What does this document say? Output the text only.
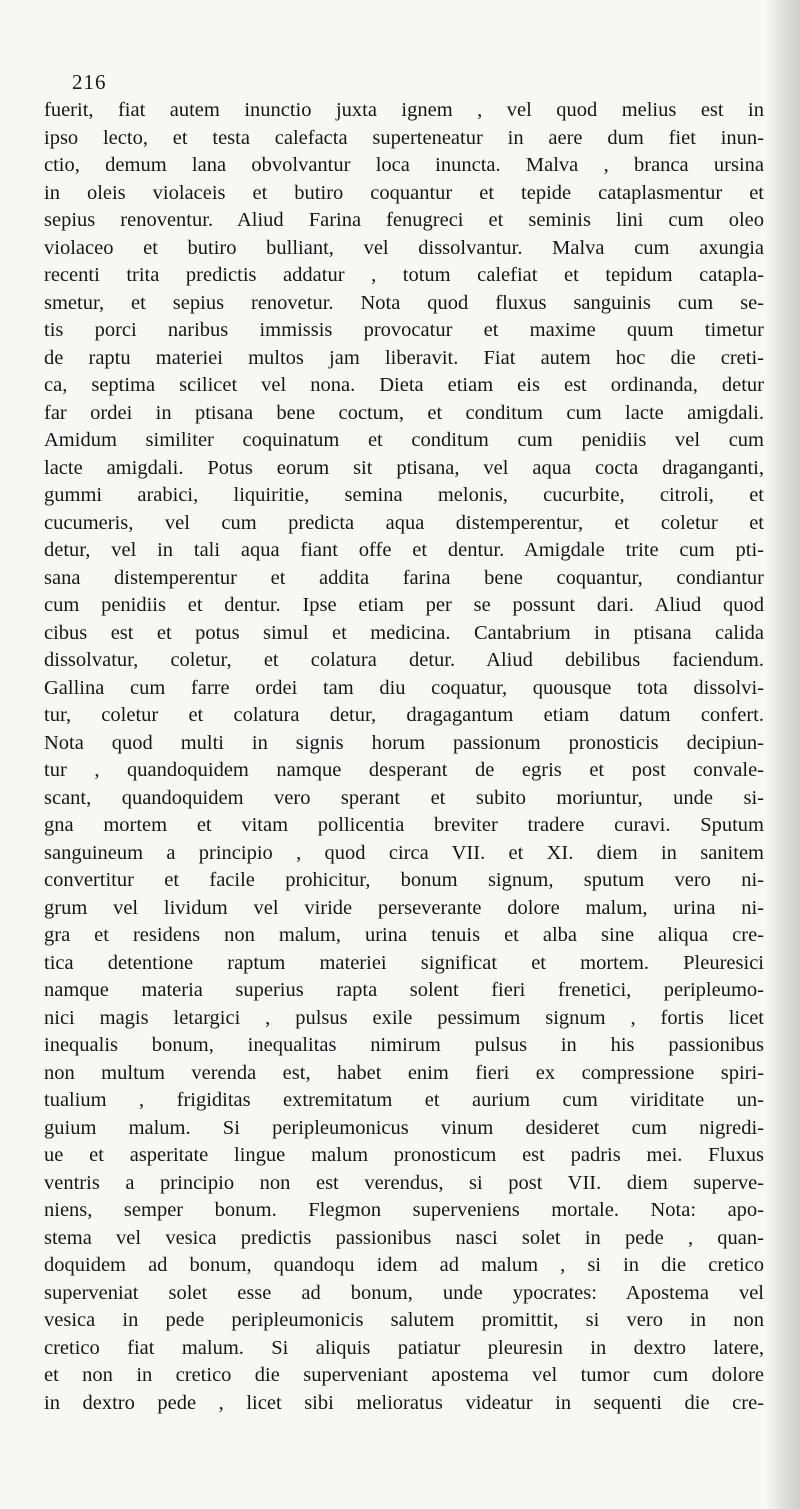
216
fuerit, fiat autem inunctio juxta ignem , vel quod melius est in
ipso lecto, et testa calefacta superteneatur in aere dum fiet inun-
ctio, demum lana obvolvantur loca inuncta. Malva , branca ursina
in oleis violaceis et butiro coquantur et tepide cataplasmentur et
sepius renoventur. Aliud Farina fenugreci et seminis lini cum oleo
violaceo et butiro bulliant, vel dissolvantur. Malva cum axungia
recenti trita predictis addatur , totum calefiat et tepidum catapla-
smetur, et sepius renovetur. Nota quod fluxus sanguinis cum se-
tis porci naribus immissis provocatur et maxime quum timetur
de raptu materiei multos jam liberavit. Fiat autem hoc die creti-
ca, septima scilicet vel nona. Dieta etiam eis est ordinanda, detur
far ordei in ptisana bene coctum, et conditum cum lacte amigdali.
Amidum similiter coquinatum et conditum cum penidiis vel cum
lacte amigdali. Potus eorum sit ptisana, vel aqua cocta draganganti,
gummi arabici, liquiritie, semina melonis, cucurbite, citroli, et
cucumeris, vel cum predicta aqua distemperentur, et coletur et
detur, vel in tali aqua fiant offe et dentur. Amigdale trite cum pti-
sana distemperentur et addita farina bene coquantur, condiantur
cum penidiis et dentur. Ipse etiam per se possunt dari. Aliud quod
cibus est et potus simul et medicina. Cantabrium in ptisana calida
dissolvatur, coletur, et colatura detur. Aliud debilibus faciendum.
Gallina cum farre ordei tam diu coquatur, quousque tota dissolvi-
tur, coletur et colatura detur, dragagantum etiam datum confert.
Nota quod multi in signis horum passionum pronosticis decipiun-
tur , quandoquidem namque desperant de egris et post convale-
scant, quandoquidem vero sperant et subito moriuntur, unde si-
gna mortem et vitam pollicentia breviter tradere curavi. Sputum
sanguineum a principio , quod circa VII. et XI. diem in sanitem
convertitur et facile prohicitur, bonum signum, sputum vero ni-
grum vel lividum vel viride perseverante dolore malum, urina ni-
gra et residens non malum, urina tenuis et alba sine aliqua cre-
tica detentione raptum materiei significat et mortem. Pleuresici
namque materia superius rapta solent fieri frenetici, peripleumo-
nici magis letargici , pulsus exile pessimum signum , fortis licet
inequalis bonum, inequalitas nimirum pulsus in his passionibus
non multum verenda est, habet enim fieri ex compressione spiri-
tualium , frigiditas extremitatum et aurium cum viriditate un-
guium malum. Si peripleumonicus vinum desideret cum nigredi-
ue et asperitate lingue malum pronosticum est padris mei. Fluxus
ventris a principio non est verendus, si post VII. diem superve-
niens, semper bonum. Flegmon superveniens mortale. Nota: apo-
stema vel vesica predictis passionibus nasci solet in pede , quan-
doquidem ad bonum, quandoqu idem ad malum , si in die cretico
superveniat solet esse ad bonum, unde ypocrates: Apostema vel
vesica in pede peripleumonicis salutem promittit, si vero in non
cretico fiat malum. Si aliquis patiatur pleuresin in dextro latere,
et non in cretico die superveniant apostema vel tumor cum dolore
in dextro pede , licet sibi melioratus videatur in sequenti die cre-
